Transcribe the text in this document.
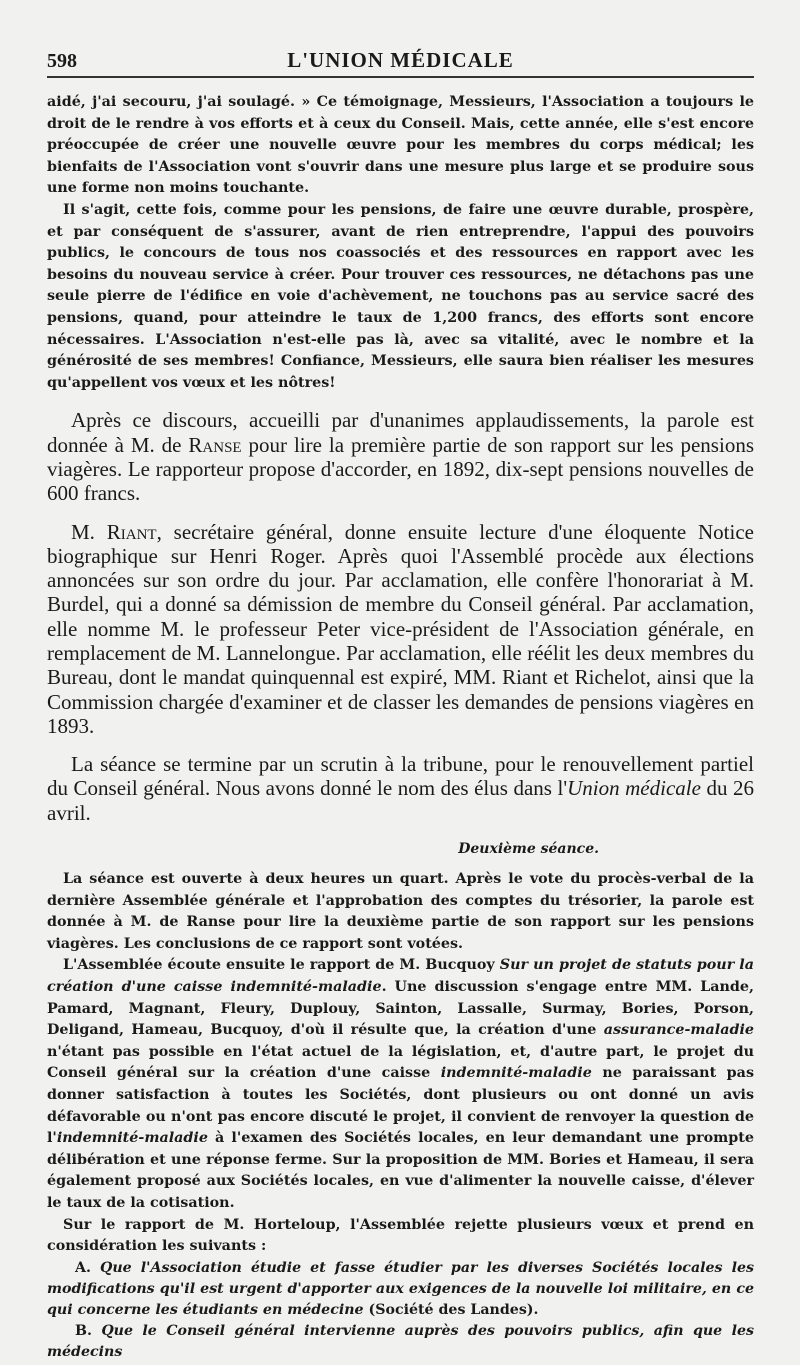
598	L'UNION MÉDICALE

aidé, j'ai secouru, j'ai soulagé. » Ce témoignage, Messieurs, l'Association a toujours le droit de le rendre à vos efforts et à ceux du Conseil. Mais, cette année, elle s'est encore préoccupée de créer une nouvelle œuvre pour les membres du corps médical; les bienfaits de l'Association vont s'ouvrir dans une mesure plus large et se produire sous une forme non moins touchante.

Il s'agit, cette fois, comme pour les pensions, de faire une œuvre durable, prospère, et par conséquent de s'assurer, avant de rien entreprendre, l'appui des pouvoirs publics, le concours de tous nos coassociés et des ressources en rapport avec les besoins du nouveau service à créer. Pour trouver ces ressources, ne détachons pas une seule pierre de l'édifice en voie d'achèvement, ne touchons pas au service sacré des pensions, quand, pour atteindre le taux de 1,200 francs, des efforts sont encore nécessaires. L'Association n'est-elle pas là, avec sa vitalité, avec le nombre et la générosité de ses membres! Confiance, Messieurs, elle saura bien réaliser les mesures qu'appellent vos vœux et les nôtres!

Après ce discours, accueilli par d'unanimes applaudissements, la parole est donnée à M. de Ranse pour lire la première partie de son rapport sur les pensions viagères. Le rapporteur propose d'accorder, en 1892, dix-sept pensions nouvelles de 600 francs.

M. Riant, secrétaire général, donne ensuite lecture d'une éloquente Notice biographique sur Henri Roger. Après quoi l'Assemblé procède aux élections annoncées sur son ordre du jour. Par acclamation, elle confère l'honorariat à M. Burdel, qui a donné sa démission de membre du Conseil général. Par acclamation, elle nomme M. le professeur Peter vice-président de l'Association générale, en remplacement de M. Lannelongue. Par acclamation, elle réélit les deux membres du Bureau, dont le mandat quinquennal est expiré, MM. Riant et Richelot, ainsi que la Commission chargée d'examiner et de classer les demandes de pensions viagères en 1893.

La séance se termine par un scrutin à la tribune, pour le renouvellement partiel du Conseil général. Nous avons donné le nom des élus dans l'Union médicale du 26 avril.

Deuxième séance.

La séance est ouverte à deux heures un quart. Après le vote du procès-verbal de la dernière Assemblée générale et l'approbation des comptes du trésorier, la parole est donnée à M. de Ranse pour lire la deuxième partie de son rapport sur les pensions viagères. Les conclusions de ce rapport sont votées.

L'Assemblée écoute ensuite le rapport de M. Bucquoy Sur un projet de statuts pour la création d'une caisse indemnité-maladie. Une discussion s'engage entre MM. Lande, Pamard, Magnant, Fleury, Duplouy, Sainton, Lassalle, Surmay, Bories, Porson, Deligand, Hameau, Bucquoy, d'où il résulte que, la création d'une assurance-maladie n'étant pas possible en l'état actuel de la législation, et, d'autre part, le projet du Conseil général sur la création d'une caisse indemnité-maladie ne paraissant pas donner satisfaction à toutes les Sociétés, dont plusieurs ou ont donné un avis défavorable ou n'ont pas encore discuté le projet, il convient de renvoyer la question de l'indemnité-maladie à l'examen des Sociétés locales, en leur demandant une prompte délibération et une réponse ferme. Sur la proposition de MM. Bories et Hameau, il sera également proposé aux Sociétés locales, en vue d'alimenter la nouvelle caisse, d'élever le taux de la cotisation.

Sur le rapport de M. Horteloup, l'Assemblée rejette plusieurs vœux et prend en considération les suivants :

A. Que l'Association étudie et fasse étudier par les diverses Sociétés locales les modifications qu'il est urgent d'apporter aux exigences de la nouvelle loi militaire, en ce qui concerne les étudiants en médecine (Société des Landes).

B. Que le Conseil général intervienne auprès des pouvoirs publics, afin que les médecins
